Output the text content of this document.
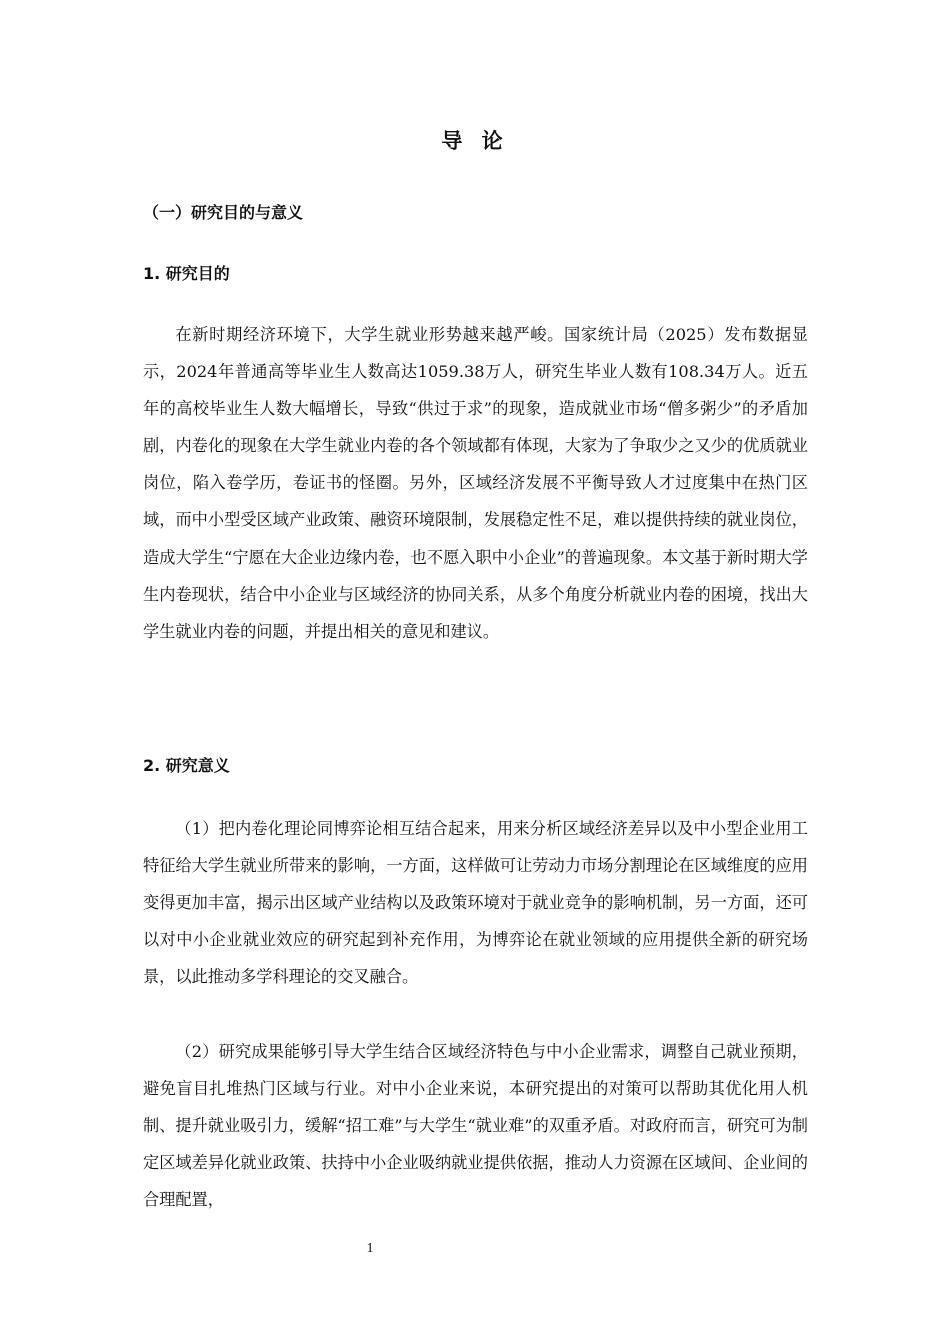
导 论
（一）研究目的与意义
1. 研究目的

在新时期经济环境下，大学生就业形势越来越严峻。国家统计局（2025）发布数据显示，2024年普通高等毕业生人数高达1059.38万人，研究生毕业人数有108.34万人。近五年的高校毕业生人数大幅增长，导致“供过于求”的现象，造成就业市场“僧多粥少”的矛盾加剧，内卷化的现象在大学生就业内卷的各个领域都有体现，大家为了争取少之又少的优质就业岗位，陷入卷学历，卷证书的怪圈。另外，区域经济发展不平衡导致人才过度集中在热门区域，而中小型受区域产业政策、融资环境限制，发展稳定性不足，难以提供持续的就业岗位，造成大学生“宁愿在大企业边缘内卷，也不愿入职中小企业”的普遍现象。本文基于新时期大学生内卷现状，结合中小企业与区域经济的协同关系，从多个角度分析就业内卷的困境，找出大学生就业内卷的问题，并提出相关的意见和建议。

2. 研究意义

（1）把内卷化理论同博弈论相互结合起来，用来分析区域经济差异以及中小型企业用工特征给大学生就业所带来的影响，一方面，这样做可让劳动力市场分割理论在区域维度的应用变得更加丰富，揭示出区域产业结构以及政策环境对于就业竞争的影响机制，另一方面，还可以对中小企业就业效应的研究起到补充作用，为博弈论在就业领域的应用提供全新的研究场景，以此推动多学科理论的交叉融合。

（2）研究成果能够引导大学生结合区域经济特色与中小企业需求，调整自己就业预期，避免盲目扎堆热门区域与行业。对中小企业来说，本研究提出的对策可以帮助其优化用人机制、提升就业吸引力，缓解“招工难”与大学生“就业难”的双重矛盾。对政府而言，研究可为制定区域差异化就业政策、扶持中小企业吸纳就业提供依据，推动人力资源在区域间、企业间的合理配置，

1
